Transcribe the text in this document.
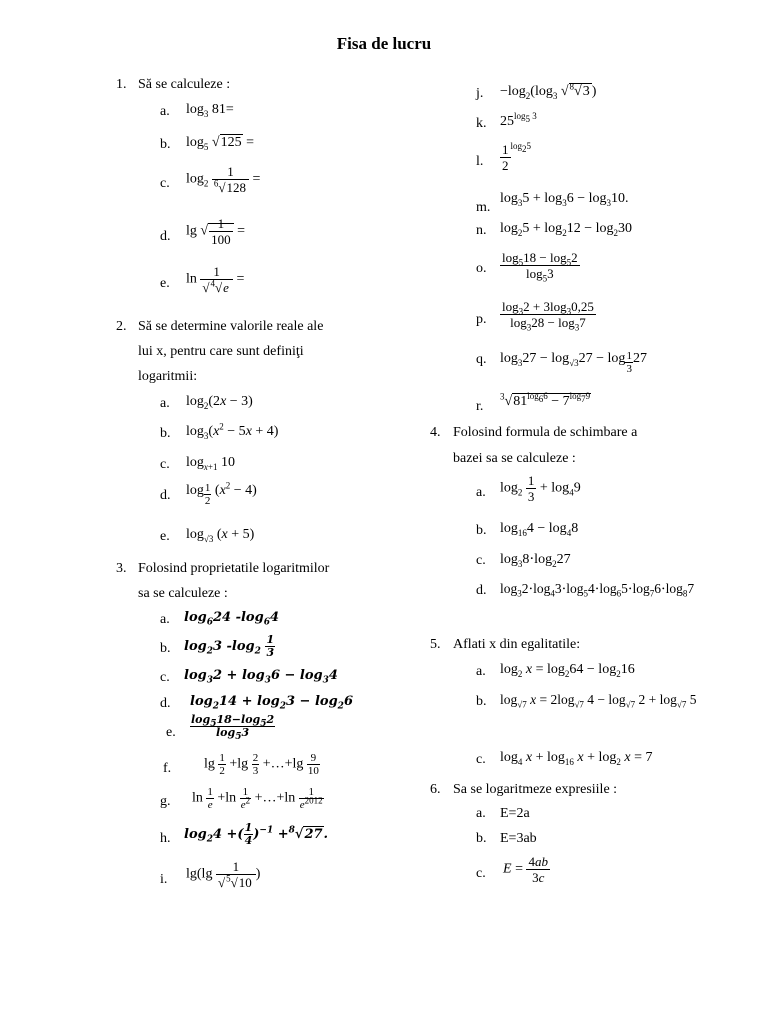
Fisa de lucru
1. Să se calculeze :
a. $\log_3 81=$
b. $\log_5 √125$ =
c. $\log_2 \frac{1}{^6√128}$ =
d. lg √ $\frac{1}{100}$ =
e. $\ln \frac{1}{√^4√e}$ =
2. Să se determine valorile reale ale
lui x, pentru care sunt definiţi
logaritmii:
a. $\log_2(2x - 3)$
b. $\log_3(x^2 - 5x + 4)$
c. $\log_{x+1} 10$
d. $\log \frac{1}{2} (x^2 - 4)$
e. $\log_{√3} (x + 5)$
3. Folosind proprietatile logaritmilor
sa se calculeze :
a. $\log_624$ $-\log_64$
b. $\log_23$ $-\log_2 \frac{1}{3}$
c. $\log_32 + \log_36 - \log_34$
d. $\log_214 + \log_23 - \log_26$
e. $\frac{\log_518-\log_52}{\log_53}$
f. $\lg \frac{1}{2} +\lg \frac{2}{3}$ +…+lg $\frac{9}{10}$
g. $\ln \frac{1}{e} +\ln \frac{1}{e^2}$ +…+ln $\frac{1}{e^{2012}}$
h. $\log_24$ +( $\frac{1}{4} )^{-1} +^8√27$.
i. $\lg(\lg \frac{1}{√^5√10}$ )
j. $-\log_2(\log_3$ √$^8$√3 )
k. $25^{log_5 3}$
l. $\frac{1}{2} ^{log_25}$
m.
$\log_35 + \log_36 - \log_310$.
n. $\log_25 + \log_212 - \log_230$
o. $\frac{\log_518 - \log_52}{\log_53}$
p. $\frac{\log_32 + 3\log_30,25}{\log_328 - \log_37}$
q. $\log_327 - \log_{√3}27 - \log \frac{1}{3} 27$
r.
$^3√81^{log_66} - 7^{log_79}$
4. Folosind formula de schimbare a
bazei sa se calculeze :
a. $\log_2 \frac{1}{3} + \log_49$
b. $\log_{16}4 - \log_48$
c. $\log_38\cdot\log_227$
d. $\log_32\cdot\log_43\cdot\log_54\cdot\log_65\cdot\log_76\cdot\log_87$
5. Aflati x din egalitatile:
a. $\log_2 x = \log_264 - \log_216$
b. $\log_{√7} x = 2\log_{√7}$ $4 - \log_{√7} 2 + \log_{√7} 5$
c. $\log_4 x + \log_{16} x + \log_2 x = 7$
6. Sa se logaritmeze expresiile :
a. E=2a
b. E=3ab
c. $E = \frac{4ab}{3c}$
